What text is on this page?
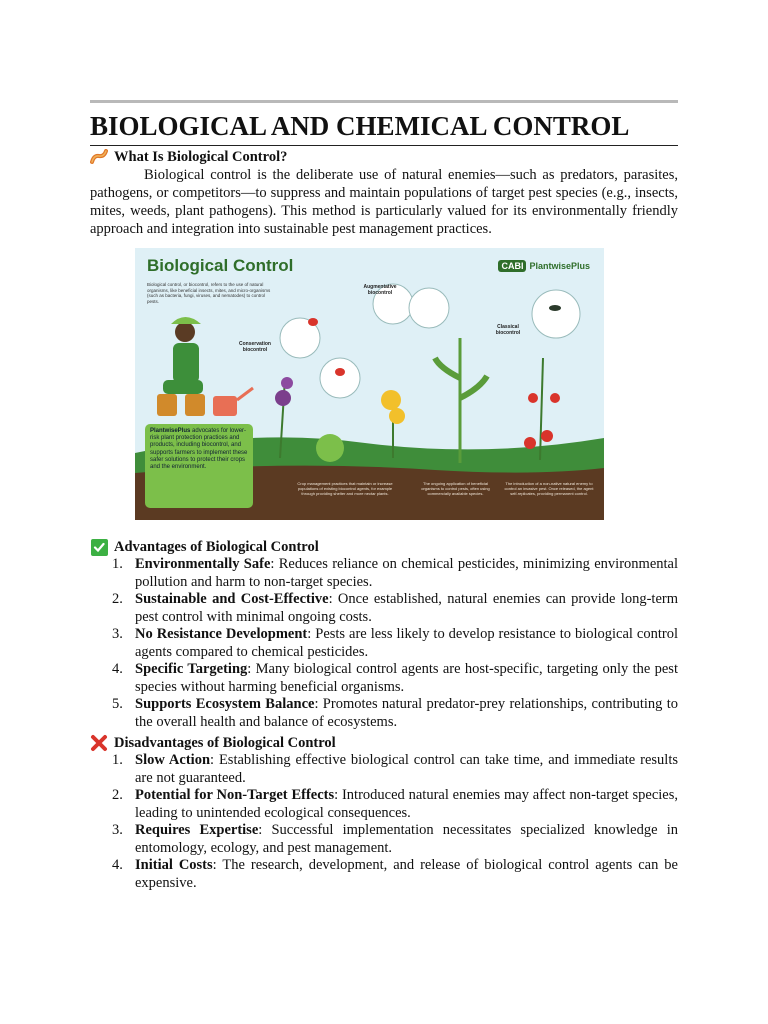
BIOLOGICAL AND CHEMICAL CONTROL
What Is Biological Control?

Biological control is the deliberate use of natural enemies—such as predators, parasites, pathogens, or competitors—to suppress and maintain populations of target pest species (e.g., insects, mites, weeds, plant pathogens). This method is particularly valued for its environmentally friendly approach and integration into sustainable pest management practices.

Biological Control	CABI PlantwisePlus
Biological control, or biocontrol, refers to the use of natural organisms, like beneficial insects, mites, and micro-organisms (such as bacteria, fungi, viruses, and nematodes) to control pests.
Conservation biocontrol
Augmentative biocontrol
Classical biocontrol
PlantwisePlus advocates for lower-risk plant protection practices and products, including biocontrol, and supports farmers to implement these safer solutions to protect their crops and the environment.
Crop management practices that maintain or increase populations of existing biocontrol agents, for example through providing shelter and more nectar plants.
The ongoing application of beneficial organisms to control pests, often using commercially available species.
The introduction of a non-native natural enemy to control an invasive pest. Once released, the agent self-replicates, providing permanent control.
Advantages of Biological Control
1. Environmentally Safe: Reduces reliance on chemical pesticides, minimizing environmental pollution and harm to non-target species.
2. Sustainable and Cost-Effective: Once established, natural enemies can provide long-term pest control with minimal ongoing costs.
3. No Resistance Development: Pests are less likely to develop resistance to biological control agents compared to chemical pesticides.
4. Specific Targeting: Many biological control agents are host-specific, targeting only the pest species without harming beneficial organisms.
5. Supports Ecosystem Balance: Promotes natural predator-prey relationships, contributing to the overall health and balance of ecosystems.
Disadvantages of Biological Control
1. Slow Action: Establishing effective biological control can take time, and immediate results are not guaranteed.
2. Potential for Non-Target Effects: Introduced natural enemies may affect non-target species, leading to unintended ecological consequences.
3. Requires Expertise: Successful implementation necessitates specialized knowledge in entomology, ecology, and pest management.
4. Initial Costs: The research, development, and release of biological control agents can be expensive.
